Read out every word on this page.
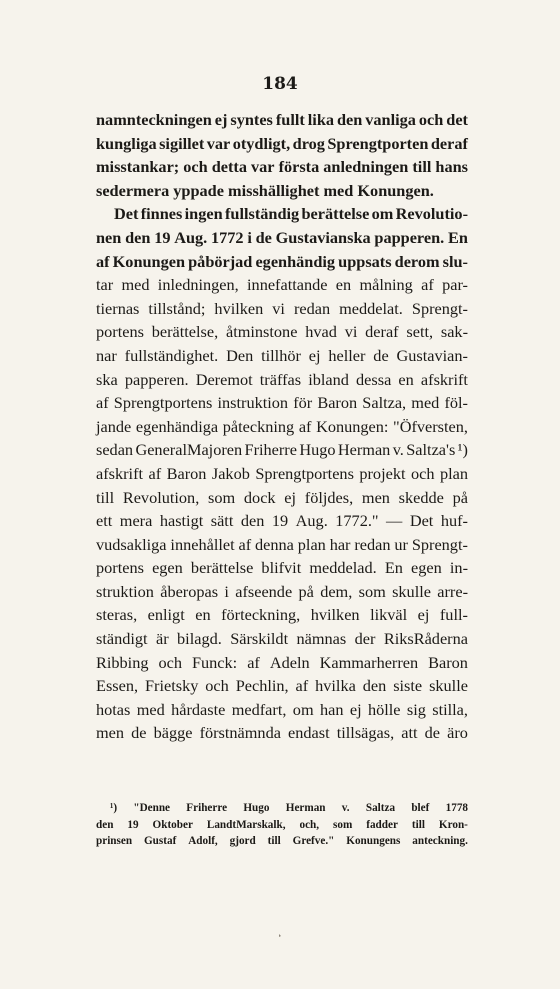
184
namnteckningen ej syntes fullt lika den vanliga och det
kungliga sigillet var otydligt, drog Sprengtporten deraf
misstankar; och detta var första anledningen till hans
sedermera yppade misshällighet med Konungen.
Det finnes ingen fullständig berättelse om Revolutio-
nen den 19 Aug. 1772 i de Gustavianska papperen. En
af Konungen påbörjad egenhändig uppsats derom slu-
tar med inledningen, innefattande en målning af par-
tiernas tillstånd; hvilken vi redan meddelat. Sprengt-
portens berättelse, åtminstone hvad vi deraf sett, sak-
nar fullständighet. Den tillhör ej heller de Gustavian-
ska papperen. Deremot träffas ibland dessa en afskrift
af Sprengtportens instruktion för Baron Saltza, med föl-
jande egenhändiga påteckning af Konungen: "Öfversten,
sedan GeneralMajoren Friherre Hugo Herman v. Saltza's ¹)
afskrift af Baron Jakob Sprengtportens projekt och plan
till Revolution, som dock ej följdes, men skedde på
ett mera hastigt sätt den 19 Aug. 1772." — Det huf-
vudsakliga innehållet af denna plan har redan ur Sprengt-
portens egen berättelse blifvit meddelad. En egen in-
struktion åberopas i afseende på dem, som skulle arre-
steras, enligt en förteckning, hvilken likväl ej full-
ständigt är bilagd. Särskildt nämnas der RiksRåderna
Ribbing och Funck: af Adeln Kammarherren Baron
Essen, Frietsky och Pechlin, af hvilka den siste skulle
hotas med hårdaste medfart, om han ej hölle sig stilla,
men de bägge förstnämnda endast tillsägas, att de äro
¹) "Denne Friherre Hugo Herman v. Saltza blef 1778
den 19 Oktober LandtMarskalk, och, som fadder till Kron-
prinsen Gustaf Adolf, gjord till Grefve." Konungens anteckning.
